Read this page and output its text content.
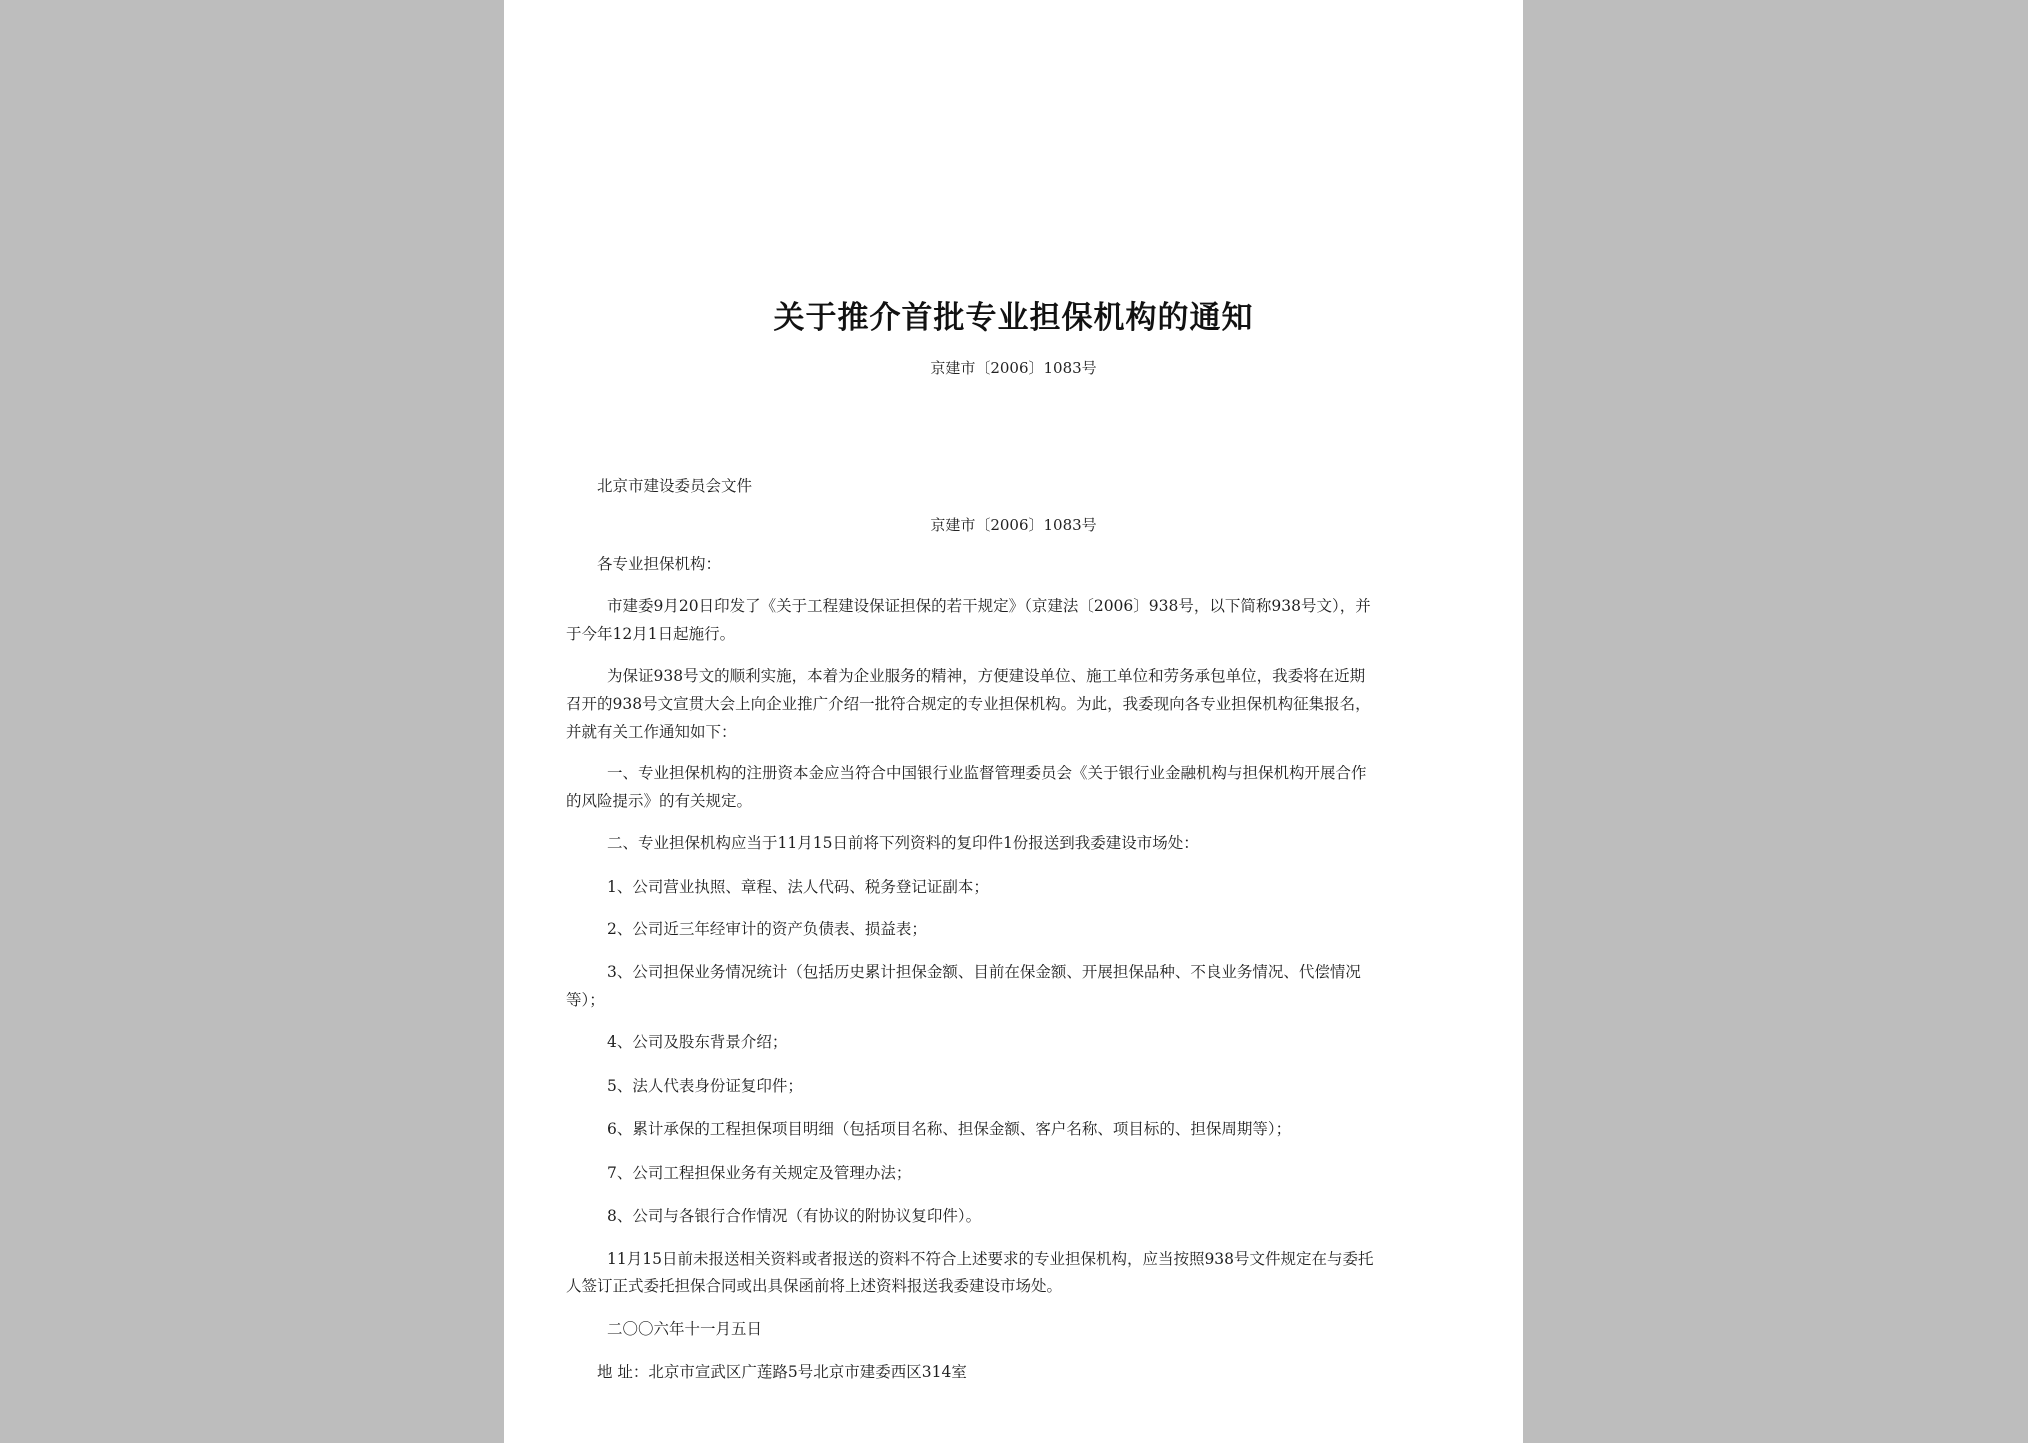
关于推介首批专业担保机构的通知

京建市〔2006〕1083号

北京市建设委员会文件

京建市〔2006〕1083号

各专业担保机构：

市建委9月20日印发了《关于工程建设保证担保的若干规定》（京建法〔2006〕938号，以下简称938号文），并

于今年12月1日起施行。

为保证938号文的顺利实施，本着为企业服务的精神，方便建设单位、施工单位和劳务承包单位，我委将在近期

召开的938号文宣贯大会上向企业推广介绍一批符合规定的专业担保机构。为此，我委现向各专业担保机构征集报名，

并就有关工作通知如下：

一、专业担保机构的注册资本金应当符合中国银行业监督管理委员会《关于银行业金融机构与担保机构开展合作

的风险提示》的有关规定。

二、专业担保机构应当于11月15日前将下列资料的复印件1份报送到我委建设市场处：

1、公司营业执照、章程、法人代码、税务登记证副本；

2、公司近三年经审计的资产负债表、损益表；

3、公司担保业务情况统计（包括历史累计担保金额、目前在保金额、开展担保品种、不良业务情况、代偿情况

等）；

4、公司及股东背景介绍；

5、法人代表身份证复印件；

6、累计承保的工程担保项目明细（包括项目名称、担保金额、客户名称、项目标的、担保周期等）；

7、公司工程担保业务有关规定及管理办法；

8、公司与各银行合作情况（有协议的附协议复印件）。

11月15日前未报送相关资料或者报送的资料不符合上述要求的专业担保机构，应当按照938号文件规定在与委托

人签订正式委托担保合同或出具保函前将上述资料报送我委建设市场处。

二〇〇六年十一月五日

地 址：北京市宣武区广莲路5号北京市建委西区314室
